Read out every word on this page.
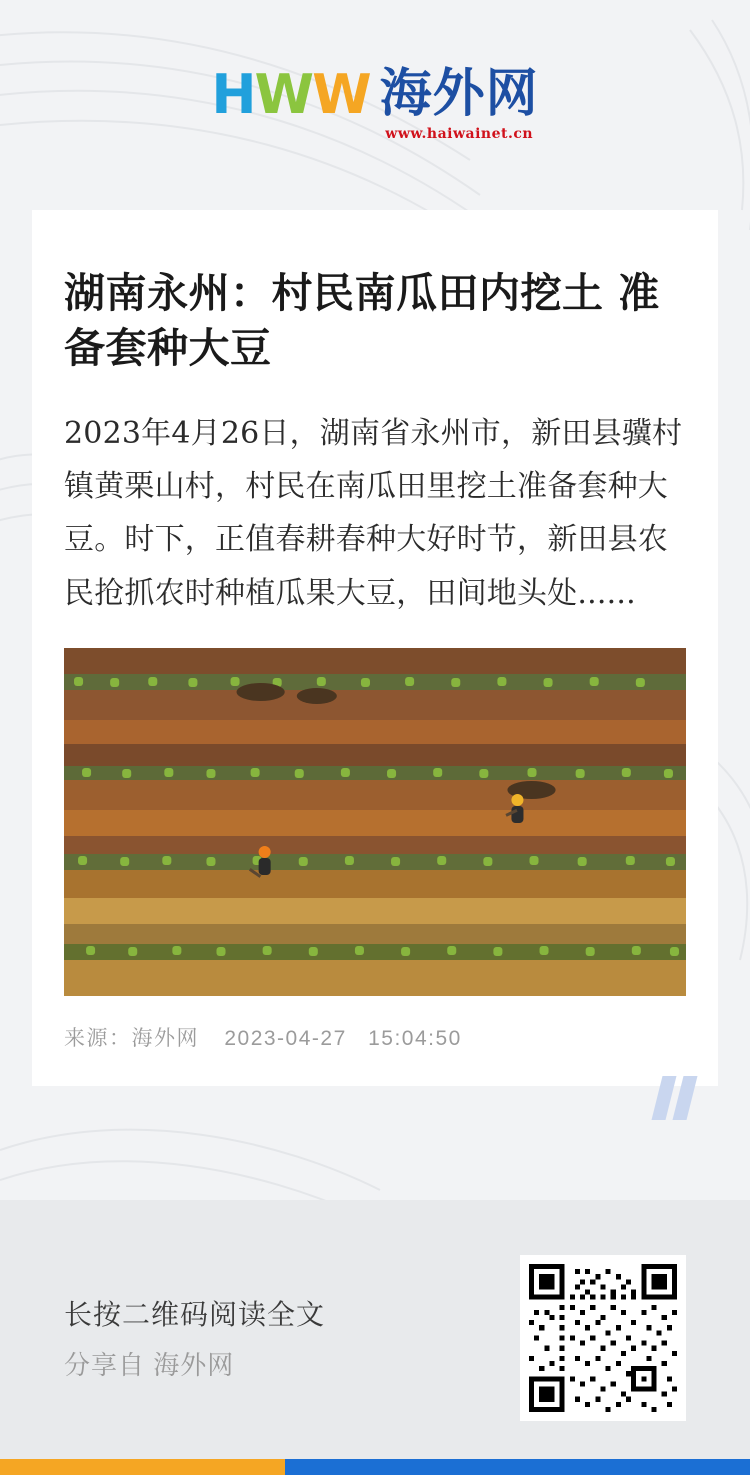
H W W 海外网
www.haiwainet.cn
湖南永州：村民南瓜田内挖土 准备套种大豆

2023年4月26日，湖南省永州市，新田县骥村镇黄栗山村，村民在南瓜田里挖土准备套种大豆。时下，正值春耕春种大好时节，新田县农民抢抓农时种植瓜果大豆，田间地头处......

来源：海外网 2023-04-27 15:04:50
长按二维码阅读全文
分享自 海外网
